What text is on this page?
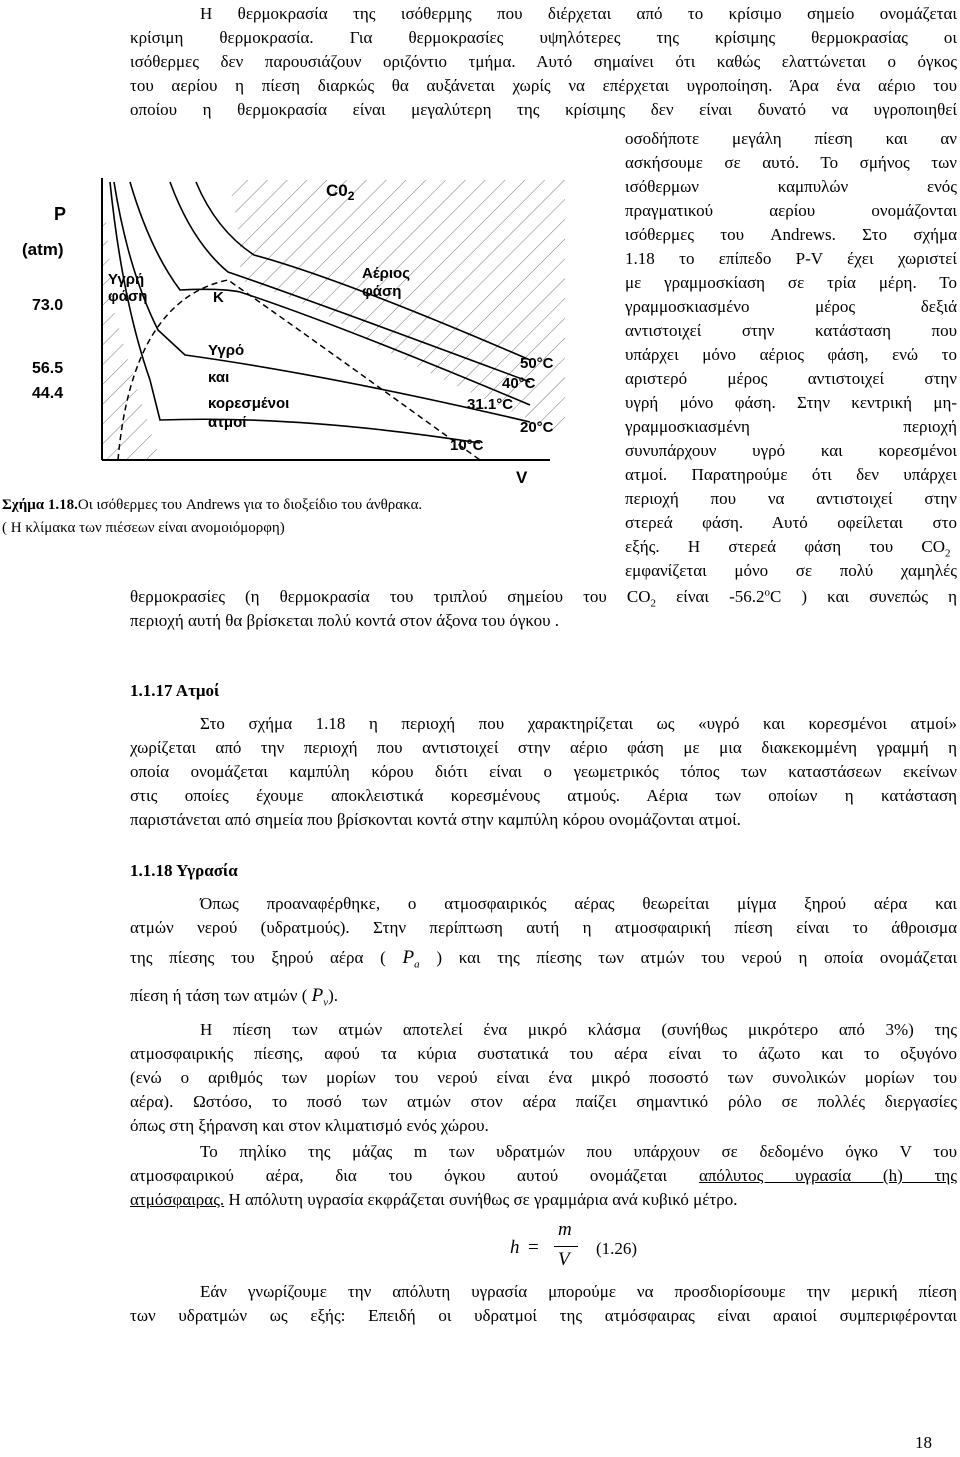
Η θερμοκρασία της ισόθερμης που διέρχεται από το κρίσιμο σημείο ονομάζεται
κρίσιμη θερμοκρασία. Για θερμοκρασίες υψηλότερες της κρίσιμης θερμοκρασίας οι
ισόθερμες δεν παρουσιάζουν οριζόντιο τμήμα. Αυτό σημαίνει ότι καθώς ελαττώνεται ο όγκος
του αερίου η πίεση διαρκώς θα αυξάνεται χωρίς να επέρχεται υγροποίηση. Άρα ένα αέριο του
οποίου η θερμοκρασία είναι μεγαλύτερη της κρίσιμης δεν είναι δυνατό να υγροποιηθεί
οσοδήποτε μεγάλη πίεση και αν
ασκήσουμε σε αυτό. Το σμήνος των
ισόθερμων καμπυλών ενός
πραγματικού αερίου ονομάζονται
ισόθερμες του Andrews. Στο σχήμα
1.18 το επίπεδο P-V έχει χωριστεί
με γραμμοσκίαση σε τρία μέρη. Το
γραμμοσκιασμένο μέρος δεξιά
αντιστοιχεί στην κατάσταση που
υπάρχει μόνο αέριος φάση, ενώ το
αριστερό μέρος αντιστοιχεί στην
υγρή μόνο φάση. Στην κεντρική μη-
γραμμοσκιασμένη περιοχή
συνυπάρχουν υγρό και κορεσμένοι
ατμοί. Παρατηρούμε ότι δεν υπάρχει
περιοχή που να αντιστοιχεί στην
στερεά φάση. Αυτό οφείλεται στο
εξής. Η στερεά φάση του $CO_2$
εμφανίζεται μόνο σε πολύ χαμηλές
θερμοκρασίες (η θερμοκρασία του τριπλού σημείου του $CO_2$ είναι -56.2$^o$C ) και συνεπώς η
περιοχή αυτή θα βρίσκεται πολύ κοντά στον άξονα του όγκου .
P
(atm)
73.0
56.5
44.4
$C0_2$
Υγρή
φάση	K
Αέριος
φάση
Υγρό
και
κορεσμένοι
ατμοί
50°C
40°C
31.1°C
20°C
10°C
V
Σχήμα 1.18.Οι ισόθερμες του Andrews για το διοξείδιο του άνθρακα.
( Η κλίμακα των πιέσεων είναι ανομοιόμορφη)
1.1.17 Ατμοί
Στο σχήμα 1.18 η περιοχή που χαρακτηρίζεται ως «υγρό και κορεσμένοι ατμοί»
χωρίζεται από την περιοχή που αντιστοιχεί στην αέριο φάση με μια διακεκομμένη γραμμή η
οποία ονομάζεται καμπύλη κόρου διότι είναι ο γεωμετρικός τόπος των καταστάσεων εκείνων
στις οποίες έχουμε αποκλειστικά κορεσμένους ατμούς. Αέρια των οποίων η κατάσταση
παριστάνεται από σημεία που βρίσκονται κοντά στην καμπύλη κόρου ονομάζονται ατμοί.
1.1.18 Υγρασία
Όπως προαναφέρθηκε, ο ατμοσφαιρικός αέρας θεωρείται μίγμα ξηρού αέρα και
ατμών νερού (υδρατμούς). Στην περίπτωση αυτή η ατμοσφαιρική πίεση είναι το άθροισμα
της πίεσης του ξηρού αέρα ( $P_a$ ) και της πίεσης των ατμών του νερού η οποία ονομάζεται
πίεση ή τάση των ατμών ( $P_v$).
Η πίεση των ατμών αποτελεί ένα μικρό κλάσμα (συνήθως μικρότερο από 3%) της
ατμοσφαιρικής πίεσης, αφού τα κύρια συστατικά του αέρα είναι το άζωτο και το οξυγόνο
(ενώ ο αριθμός των μορίων του νερού είναι ένα μικρό ποσοστό των συνολικών μορίων του
αέρα). Ωστόσο, το ποσό των ατμών στον αέρα παίζει σημαντικό ρόλο σε πολλές διεργασίες
όπως στη ξήρανση και στον κλιματισμό ενός χώρου.
Το πηλίκο της μάζας m των υδρατμών που υπάρχουν σε δεδομένο όγκο V του
ατμοσφαιρικού αέρα, δια του όγκου αυτού ονομάζεται απόλυτος υγρασία (h) της
ατμόσφαιρας. Η απόλυτη υγρασία εκφράζεται συνήθως σε γραμμάρια ανά κυβικό μέτρο.
h =
m
V
(1.26)
Εάν γνωρίζουμε την απόλυτη υγρασία μπορούμε να προσδιορίσουμε την μερική πίεση
των υδρατμών ως εξής: Επειδή οι υδρατμοί της ατμόσφαιρας είναι αραιοί συμπεριφέρονται
18
